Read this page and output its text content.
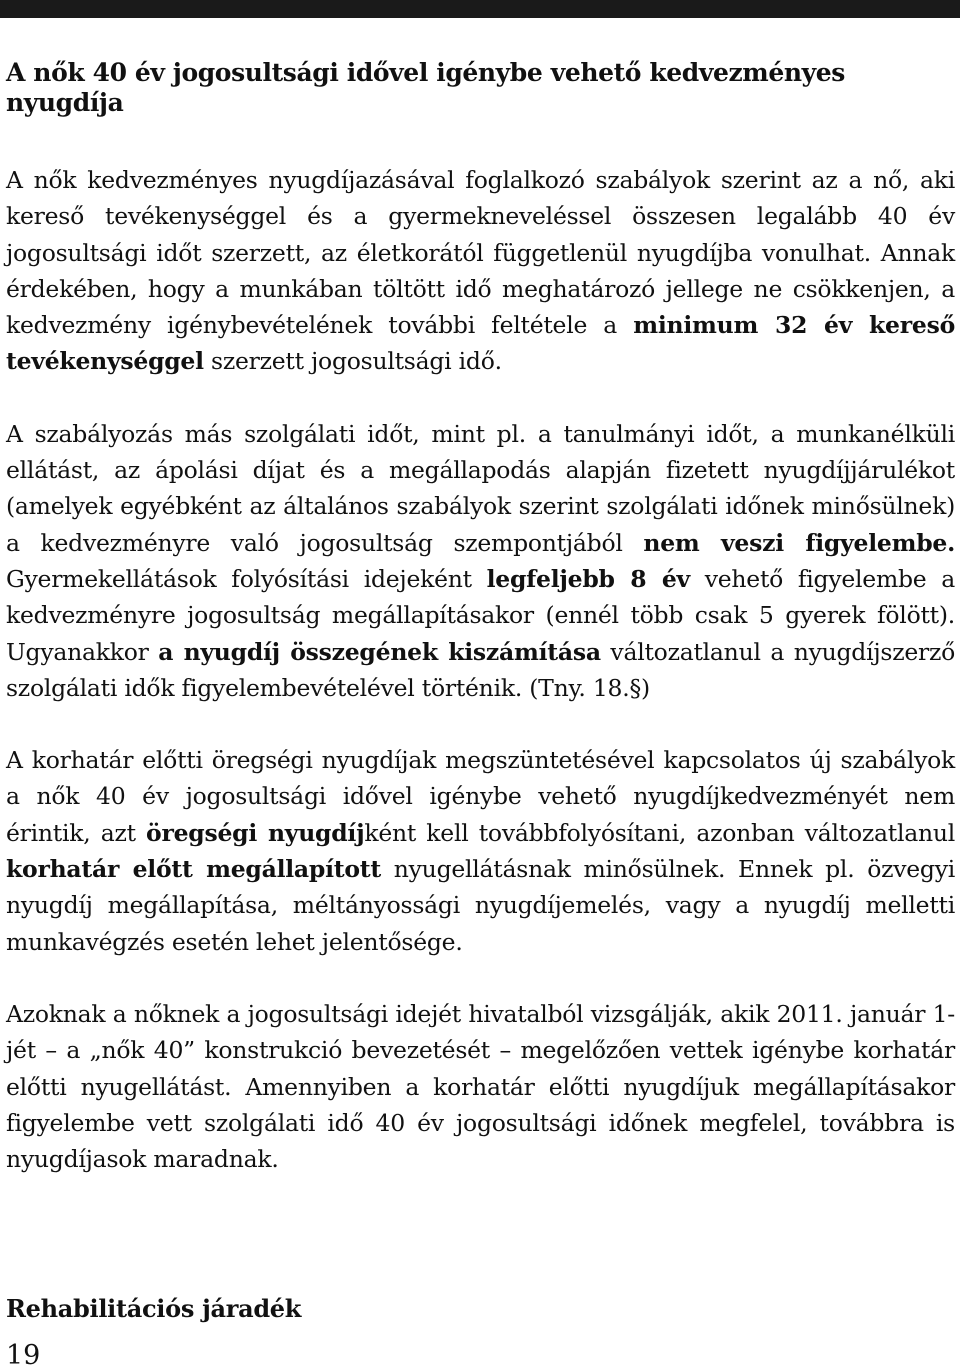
A nők 40 év jogosultsági idővel igénybe vehető kedvezményes nyugdíja

A nők kedvezményes nyugdíjazásával foglalkozó szabályok szerint az a nő, aki kereső tevékenységgel és a gyermekneveléssel összesen legalább 40 év jogosultsági időt szerzett, az életkorától függetlenül nyugdíjba vonulhat. Annak érdekében, hogy a munkában töltött idő meghatározó jellege ne csökkenjen, a kedvezmény igénybevételének további feltétele a minimum 32 év kereső tevékenységgel szerzett jogosultsági idő.

A szabályozás más szolgálati időt, mint pl. a tanulmányi időt, a munkanélküli ellátást, az ápolási díjat és a megállapodás alapján fizetett nyugdíjjárulékot (amelyek egyébként az általános szabályok szerint szolgálati időnek minősülnek) a kedvezményre való jogosultság szempontjából nem veszi figyelembe. Gyermekellátások folyósítási idejeként legfeljebb 8 év vehető figyelembe a kedvezményre jogosultság megállapításakor (ennél több csak 5 gyerek fölött). Ugyanakkor a nyugdíj összegének kiszámítása változatlanul a nyugdíjszerző szolgálati idők figyelembevételével történik. (Tny. 18.§)

A korhatár előtti öregségi nyugdíjak megszüntetésével kapcsolatos új szabályok a nők 40 év jogosultsági idővel igénybe vehető nyugdíjkedvezményét nem érintik, azt öregségi nyugdíjként kell továbbfolyósítani, azonban változatlanul korhatár előtt megállapított nyugellátásnak minősülnek. Ennek pl. özvegyi nyugdíj megállapítása, méltányossági nyugdíjemelés, vagy a nyugdíj melletti munkavégzés esetén lehet jelentősége.

Azoknak a nőknek a jogosultsági idejét hivatalból vizsgálják, akik 2011. január 1-jét – a „nők 40” konstrukció bevezetését – megelőzően vettek igénybe korhatár előtti nyugellátást. Amennyiben a korhatár előtti nyugdíjuk megállapításakor figyelembe vett szolgálati idő 40 év jogosultsági időnek megfelel, továbbra is nyugdíjasok maradnak.

Rehabilitációs járadék
19
